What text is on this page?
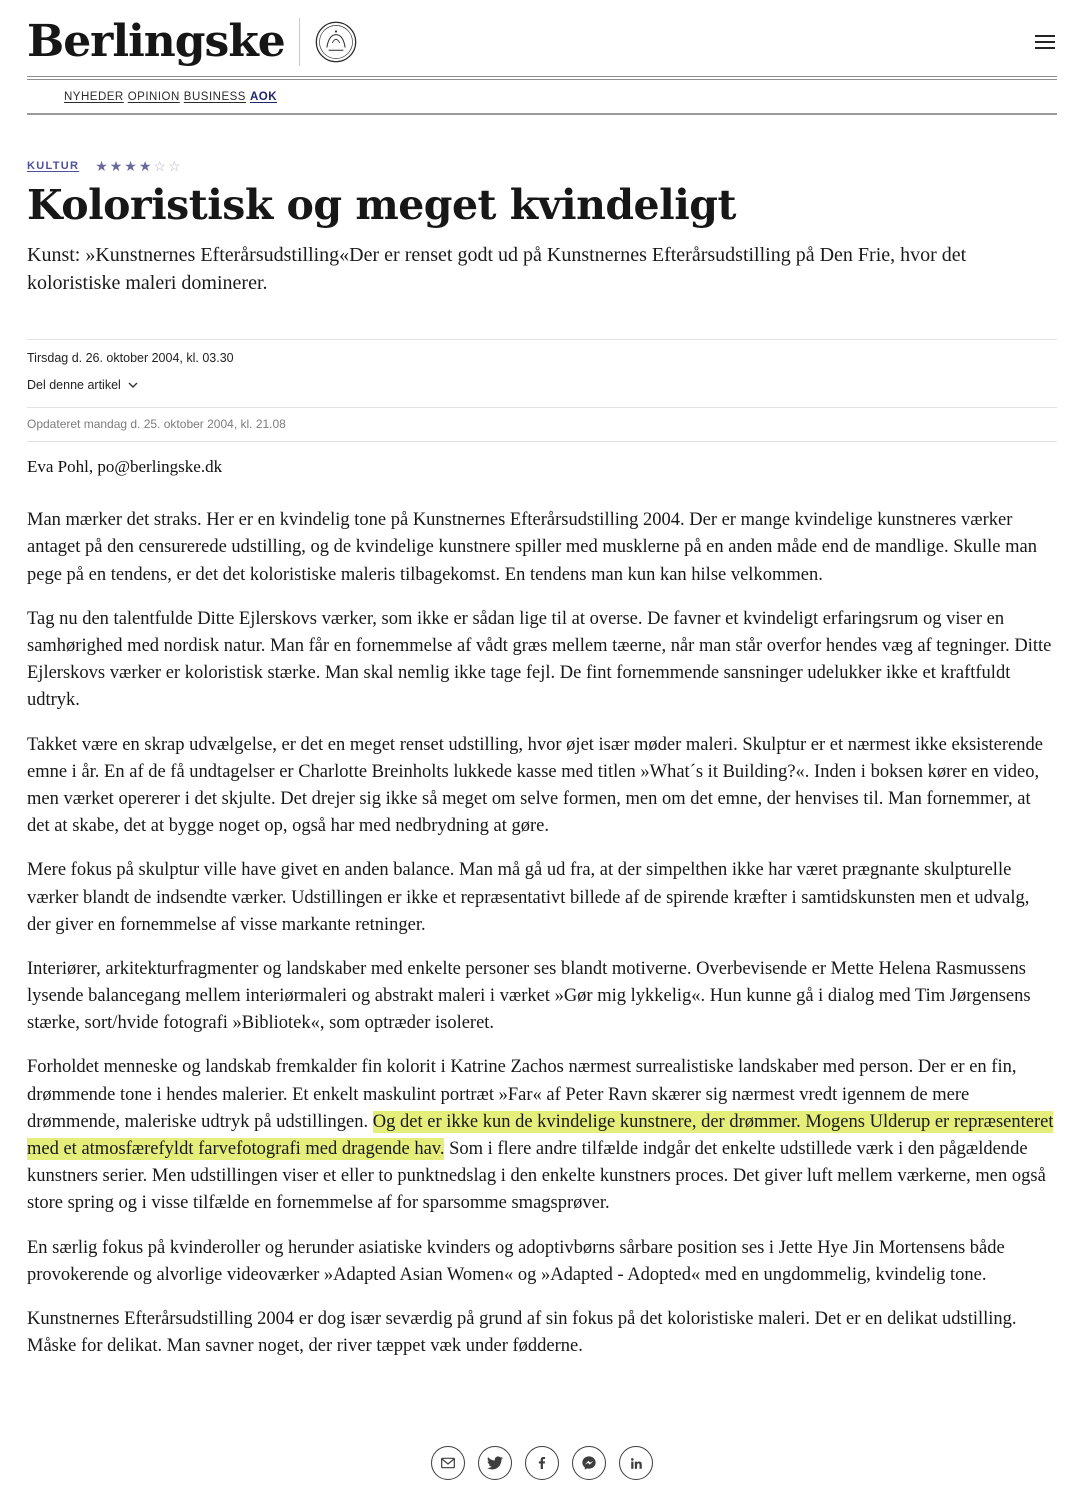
Berlingske
NYHEDER OPINION BUSINESS AOK
KULTUR ★★★★☆☆
Koloristisk og meget kvindeligt

Kunst: »Kunstnernes Efterårsudstilling«Der er renset godt ud på Kunstnernes Efterårsudstilling på Den Frie, hvor det koloristiske maleri dominerer.

Tirsdag d. 26. oktober 2004, kl. 03.30
Del denne artikel
Opdateret mandag d. 25. oktober 2004, kl. 21.08
Eva Pohl, po@berlingske.dk

Man mærker det straks. Her er en kvindelig tone på Kunstnernes Efterårsudstilling 2004. Der er mange kvindelige kunstneres værker antaget på den censurerede udstilling, og de kvindelige kunstnere spiller med musklerne på en anden måde end de mandlige. Skulle man pege på en tendens, er det det koloristiske maleris tilbagekomst. En tendens man kun kan hilse velkommen.

Tag nu den talentfulde Ditte Ejlerskovs værker, som ikke er sådan lige til at overse. De favner et kvindeligt erfaringsrum og viser en samhørighed med nordisk natur. Man får en fornemmelse af vådt græs mellem tæerne, når man står overfor hendes væg af tegninger. Ditte Ejlerskovs værker er koloristisk stærke. Man skal nemlig ikke tage fejl. De fint fornemmende sansninger udelukker ikke et kraftfuldt udtryk.

Takket være en skrap udvælgelse, er det en meget renset udstilling, hvor øjet især møder maleri. Skulptur er et nærmest ikke eksisterende emne i år. En af de få undtagelser er Charlotte Breinholts lukkede kasse med titlen »What´s it Building?«. Inden i boksen kører en video, men værket opererer i det skjulte. Det drejer sig ikke så meget om selve formen, men om det emne, der henvises til. Man fornemmer, at det at skabe, det at bygge noget op, også har med nedbrydning at gøre.

Mere fokus på skulptur ville have givet en anden balance. Man må gå ud fra, at der simpelthen ikke har været prægnante skulpturelle værker blandt de indsendte værker. Udstillingen er ikke et repræsentativt billede af de spirende kræfter i samtidskunsten men et udvalg, der giver en fornemmelse af visse markante retninger.

Interiører, arkitekturfragmenter og landskaber med enkelte personer ses blandt motiverne. Overbevisende er Mette Helena Rasmussens lysende balancegang mellem interiørmaleri og abstrakt maleri i værket »Gør mig lykkelig«. Hun kunne gå i dialog med Tim Jørgensens stærke, sort/hvide fotografi »Bibliotek«, som optræder isoleret.

Forholdet menneske og landskab fremkalder fin kolorit i Katrine Zachos nærmest surrealistiske landskaber med person. Der er en fin, drømmende tone i hendes malerier. Et enkelt maskulint portræt »Far« af Peter Ravn skærer sig nærmest vredt igennem de mere drømmende, maleriske udtryk på udstillingen. Og det er ikke kun de kvindelige kunstnere, der drømmer. Mogens Ulderup er repræsenteret med et atmosfærefyldt farvefotografi med dragende hav. Som i flere andre tilfælde indgår det enkelte udstillede værk i den pågældende kunstners serier. Men udstillingen viser et eller to punktnedslag i den enkelte kunstners proces. Det giver luft mellem værkerne, men også store spring og i visse tilfælde en fornemmelse af for sparsomme smagsprøver.

En særlig fokus på kvinderoller og herunder asiatiske kvinders og adoptivbørns sårbare position ses i Jette Hye Jin Mortensens både provokerende og alvorlige videoværker »Adapted Asian Women« og »Adapted - Adopted« med en ungdommelig, kvindelig tone.

Kunstnernes Efterårsudstilling 2004 er dog især seværdig på grund af sin fokus på det koloristiske maleri. Det er en delikat udstilling. Måske for delikat. Man savner noget, der river tæppet væk under fødderne.
